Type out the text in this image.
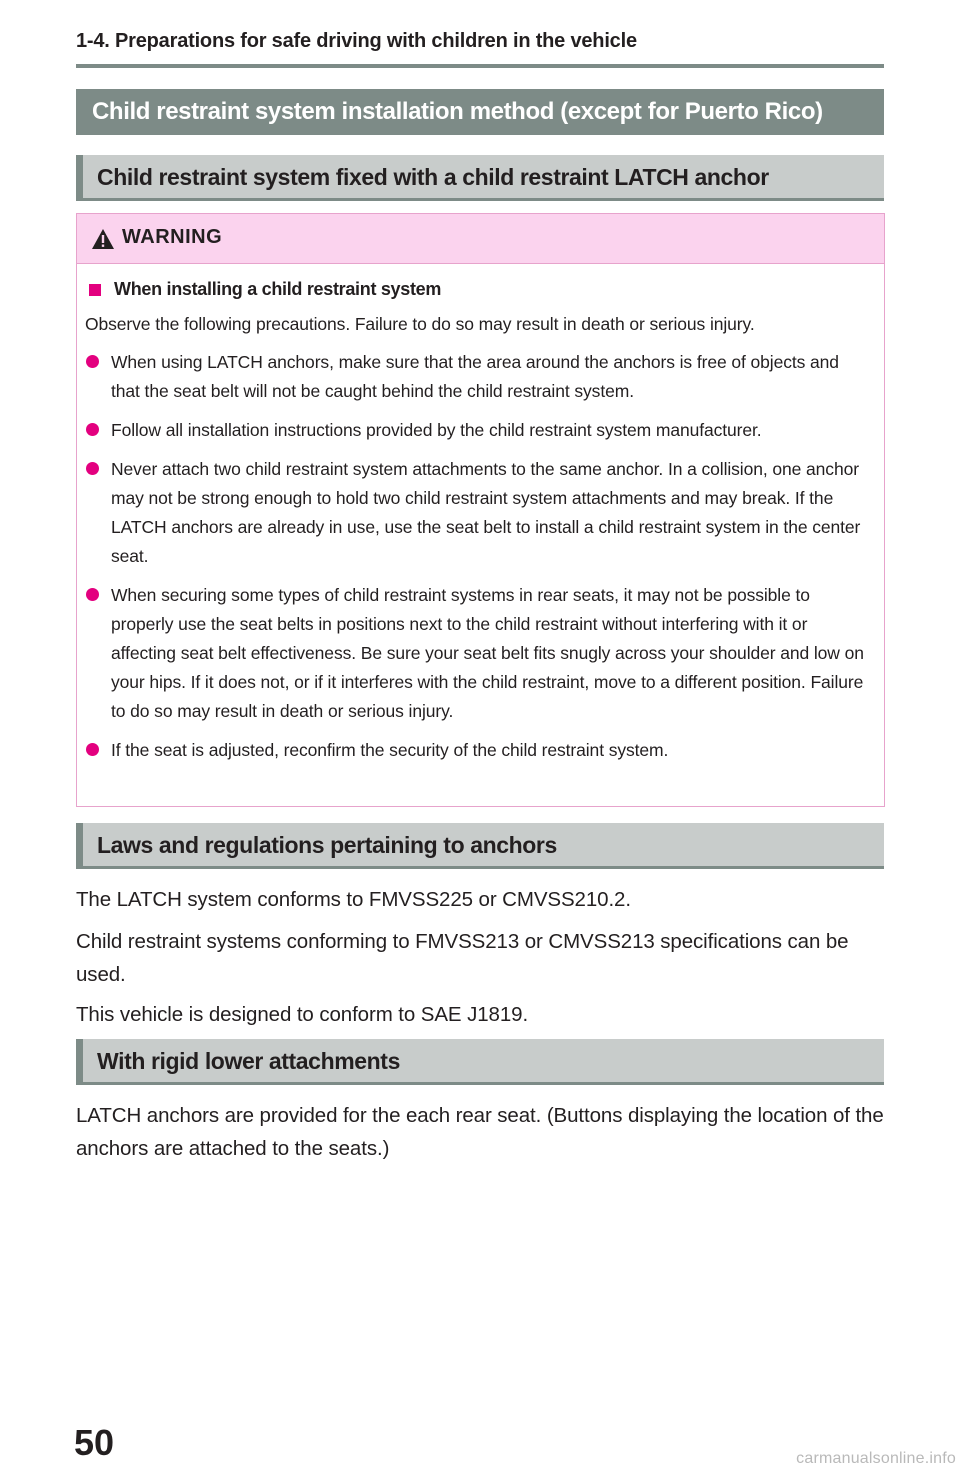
1-4. Preparations for safe driving with children in the vehicle
Child restraint system installation method (except for Puerto Rico)
Child restraint system fixed with a child restraint LATCH anchor
WARNING
When installing a child restraint system
Observe the following precautions. Failure to do so may result in death or serious injury.
When using LATCH anchors, make sure that the area around the anchors is free of objects and that the seat belt will not be caught behind the child restraint system.
Follow all installation instructions provided by the child restraint system manufacturer.
Never attach two child restraint system attachments to the same anchor. In a collision, one anchor may not be strong enough to hold two child restraint system attachments and may break. If the LATCH anchors are already in use, use the seat belt to install a child restraint system in the center seat.
When securing some types of child restraint systems in rear seats, it may not be possible to properly use the seat belts in positions next to the child restraint without interfering with it or affecting seat belt effectiveness. Be sure your seat belt fits snugly across your shoulder and low on your hips. If it does not, or if it interferes with the child restraint, move to a different position. Failure to do so may result in death or serious injury.
If the seat is adjusted, reconfirm the security of the child restraint system.
Laws and regulations pertaining to anchors
The LATCH system conforms to FMVSS225 or CMVSS210.2.
Child restraint systems conforming to FMVSS213 or CMVSS213 specifications can be used.
This vehicle is designed to conform to SAE J1819.
With rigid lower attachments
LATCH anchors are provided for the each rear seat. (Buttons displaying the location of the anchors are attached to the seats.)
50	carmanualsonline.info
